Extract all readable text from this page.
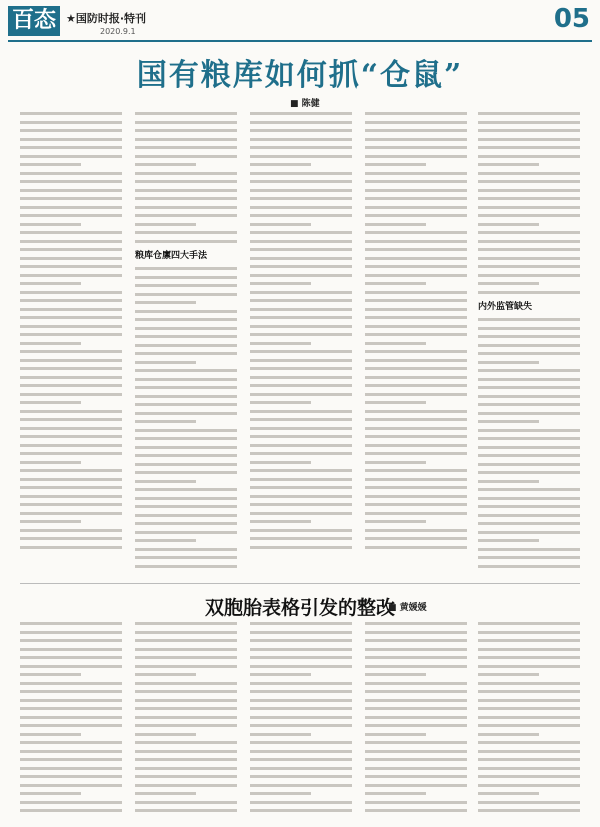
百态 ★国防时报·特刊
2020.9.1	05
国有粮库如何抓“仓鼠”
■ 陈健
粮库仓廪四大手法
内外监管缺失
双胞胎表格引发的整改
■ 黄媛媛
